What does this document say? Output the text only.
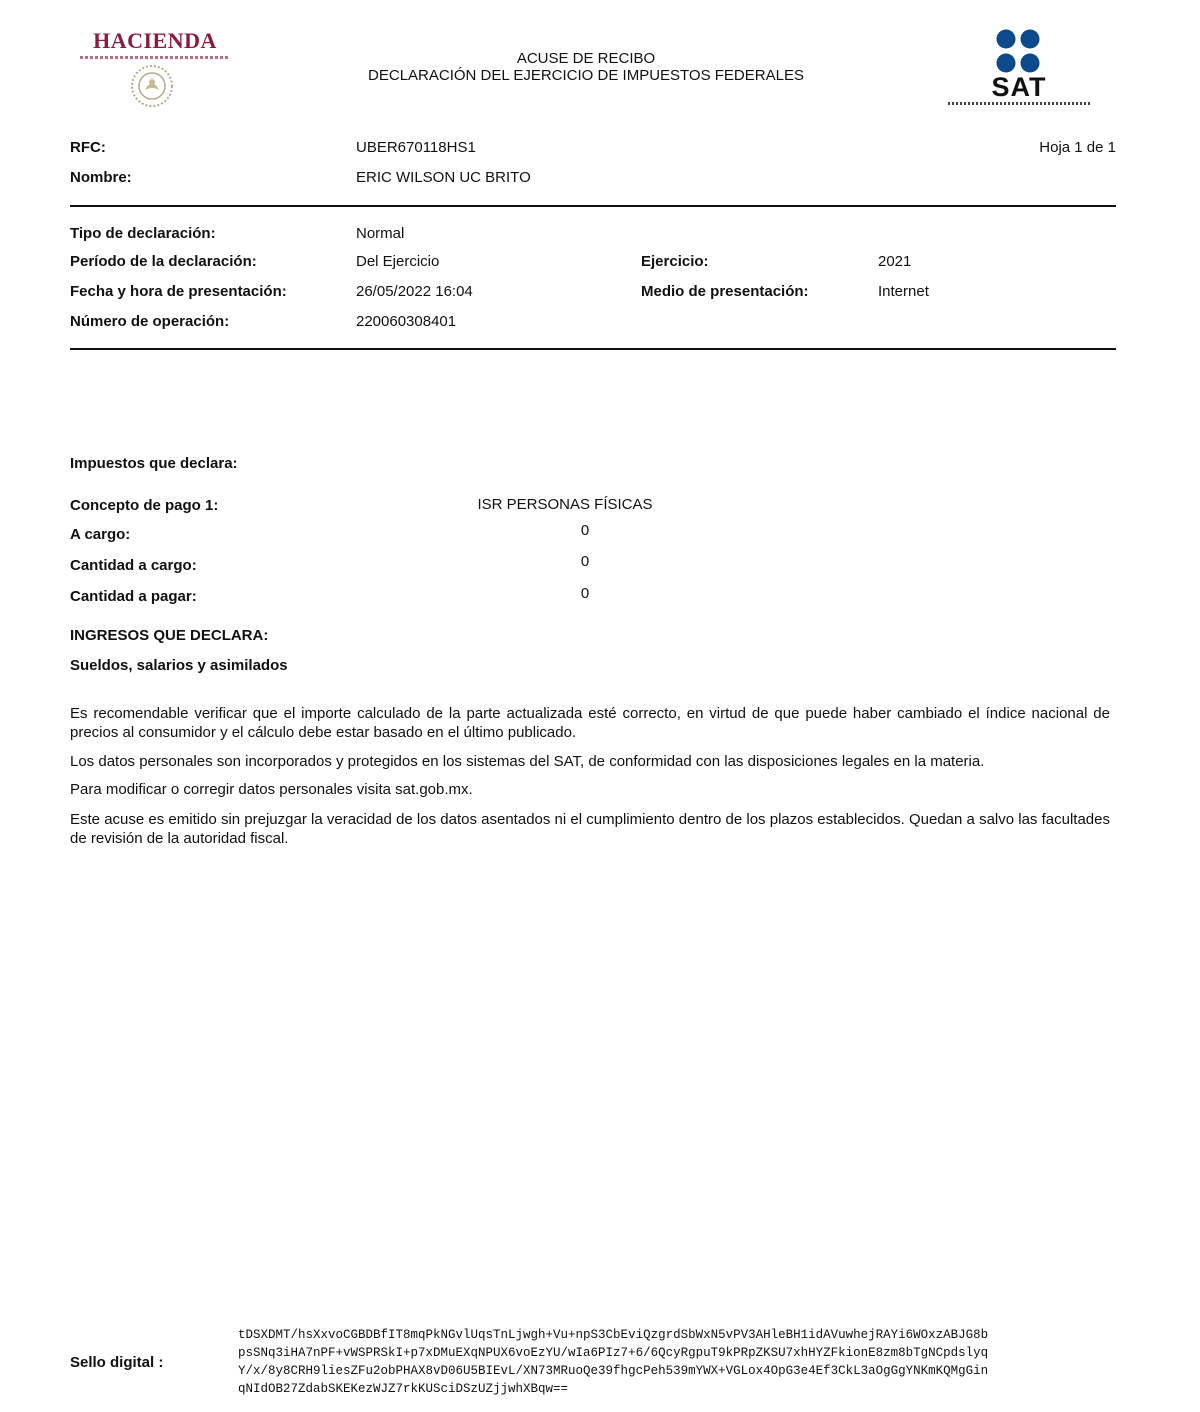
HACIENDA
ACUSE DE RECIBO
DECLARACIÓN DEL EJERCICIO DE IMPUESTOS FEDERALES	SAT
RFC:	UBER670118HS1	Hoja 1 de 1
Nombre:	ERIC WILSON UC BRITO
Tipo de declaración:	Normal
Período de la declaración:	Del Ejercicio	Ejercicio:	2021
Fecha y hora de presentación:	26/05/2022 16:04	Medio de presentación:	Internet
Número de operación:	220060308401
Impuestos que declara:
Concepto de pago 1:	ISR PERSONAS FÍSICAS
A cargo:	0
Cantidad a cargo:	0
Cantidad a pagar:	0
INGRESOS QUE DECLARA:
Sueldos, salarios y asimilados
Es recomendable verificar que el importe calculado de la parte actualizada esté correcto, en virtud de que puede haber cambiado el índice nacional de precios al consumidor y el cálculo debe estar basado en el último publicado.
Los datos personales son incorporados y protegidos en los sistemas del SAT, de conformidad con las disposiciones legales en la materia.
Para modificar o corregir datos personales visita sat.gob.mx.
Este acuse es emitido sin prejuzgar la veracidad de los datos asentados ni el cumplimiento dentro de los plazos establecidos. Quedan a salvo las facultades de revisión de la autoridad fiscal.
Sello digital :
tDSXDMT/hsXxvoCGBDBfIT8mqPkNGvlUqsTnLjwgh+Vu+npS3CbEviQzgrdSbWxN5vPV3AHleBH1idAVuwhejRAYi6WOxzABJG8b
psSNq3iHA7nPF+vWSPRSkI+p7xDMuEXqNPUX6voEzYU/wIa6PIz7+6/6QcyRgpuT9kPRpZKSU7xhHYZFkionE8zm8bTgNCpdslyq
Y/x/8y8CRH9liesZFu2obPHAX8vD06U5BIEvL/XN73MRuoQe39fhgcPeh539mYWX+VGLox4OpG3e4Ef3CkL3aOgGgYNKmKQMgGin
qNIdOB27ZdabSKEKezWJZ7rkKUSciDSzUZjjwhXBqw==
